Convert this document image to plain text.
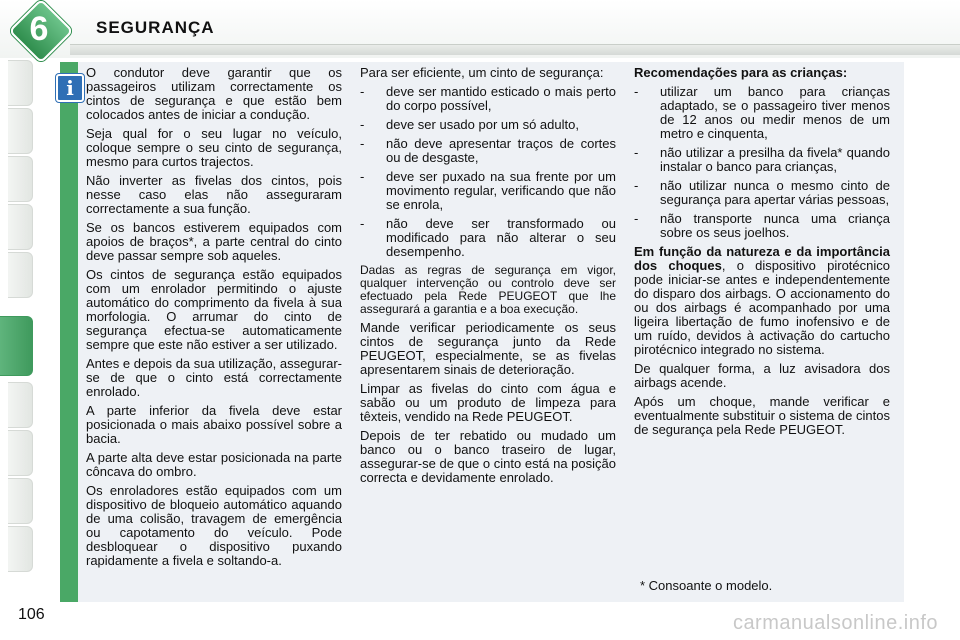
6	SEGURANÇA
i

O condutor deve garantir que os passageiros utilizam correctamente os cintos de segurança e que estão bem colocados antes de iniciar a condução.

Seja qual for o seu lugar no veículo, coloque sempre o seu cinto de segurança, mesmo para curtos trajectos.

Não inverter as fivelas dos cintos, pois nesse caso elas não asseguraram correctamente a sua função.

Se os bancos estiverem equipados com apoios de braços*, a parte central do cinto deve passar sempre sob aqueles.

Os cintos de segurança estão equipados com um enrolador permitindo o ajuste automático do comprimento da fivela à sua morfologia. O arrumar do cinto de segurança efectua-se automaticamente sempre que este não estiver a ser utilizado.

Antes e depois da sua utilização, assegurar-se de que o cinto está correctamente enrolado.

A parte inferior da fivela deve estar posicionada o mais abaixo possível sobre a bacia.

A parte alta deve estar posicionada na parte côncava do ombro.

Os enroladores estão equipados com um dispositivo de bloqueio automático aquando de uma colisão, travagem de emergência ou capotamento do veículo. Pode desbloquear o dispositivo puxando rapidamente a fivela e soltando-a.

Para ser eficiente, um cinto de segurança:

- deve ser mantido esticado o mais perto do corpo possível,
- deve ser usado por um só adulto,
- não deve apresentar traços de cortes ou de desgaste,
- deve ser puxado na sua frente por um movimento regular, verificando que não se enrola,
- não deve ser transformado ou modificado para não alterar o seu desempenho.

Dadas as regras de segurança em vigor, qualquer intervenção ou controlo deve ser efectuado pela Rede PEUGEOT que lhe assegurará a garantia e a boa execução.

Mande verificar periodicamente os seus cintos de segurança junto da Rede PEUGEOT, especialmente, se as fivelas apresentarem sinais de deterioração.

Limpar as fivelas do cinto com água e sabão ou um produto de limpeza para têxteis, vendido na Rede PEUGEOT.

Depois de ter rebatido ou mudado um banco ou o banco traseiro de lugar, assegurar-se de que o cinto está na posição correcta e devidamente enrolado.

Recomendações para as crianças:

- utilizar um banco para crianças adaptado, se o passageiro tiver menos de 12 anos ou medir menos de um metro e cinquenta,
- não utilizar a presilha da fivela* quando instalar o banco para crianças,
- não utilizar nunca o mesmo cinto de segurança para apertar várias pessoas,
- não transporte nunca uma criança sobre os seus joelhos.

Em função da natureza e da importância dos choques, o dispositivo pirotécnico pode iniciar-se antes e independentemente do disparo dos airbags. O accionamento do ou dos airbags é acompanhado por uma ligeira libertação de fumo inofensivo e de um ruído, devidos à activação do cartucho pirotécnico integrado no sistema.

De qualquer forma, a luz avisadora dos airbags acende.

Após um choque, mande verificar e eventualmente substituir o sistema de cintos de segurança pela Rede PEUGEOT.

* Consoante o modelo.
106	carmanualsonline.info
